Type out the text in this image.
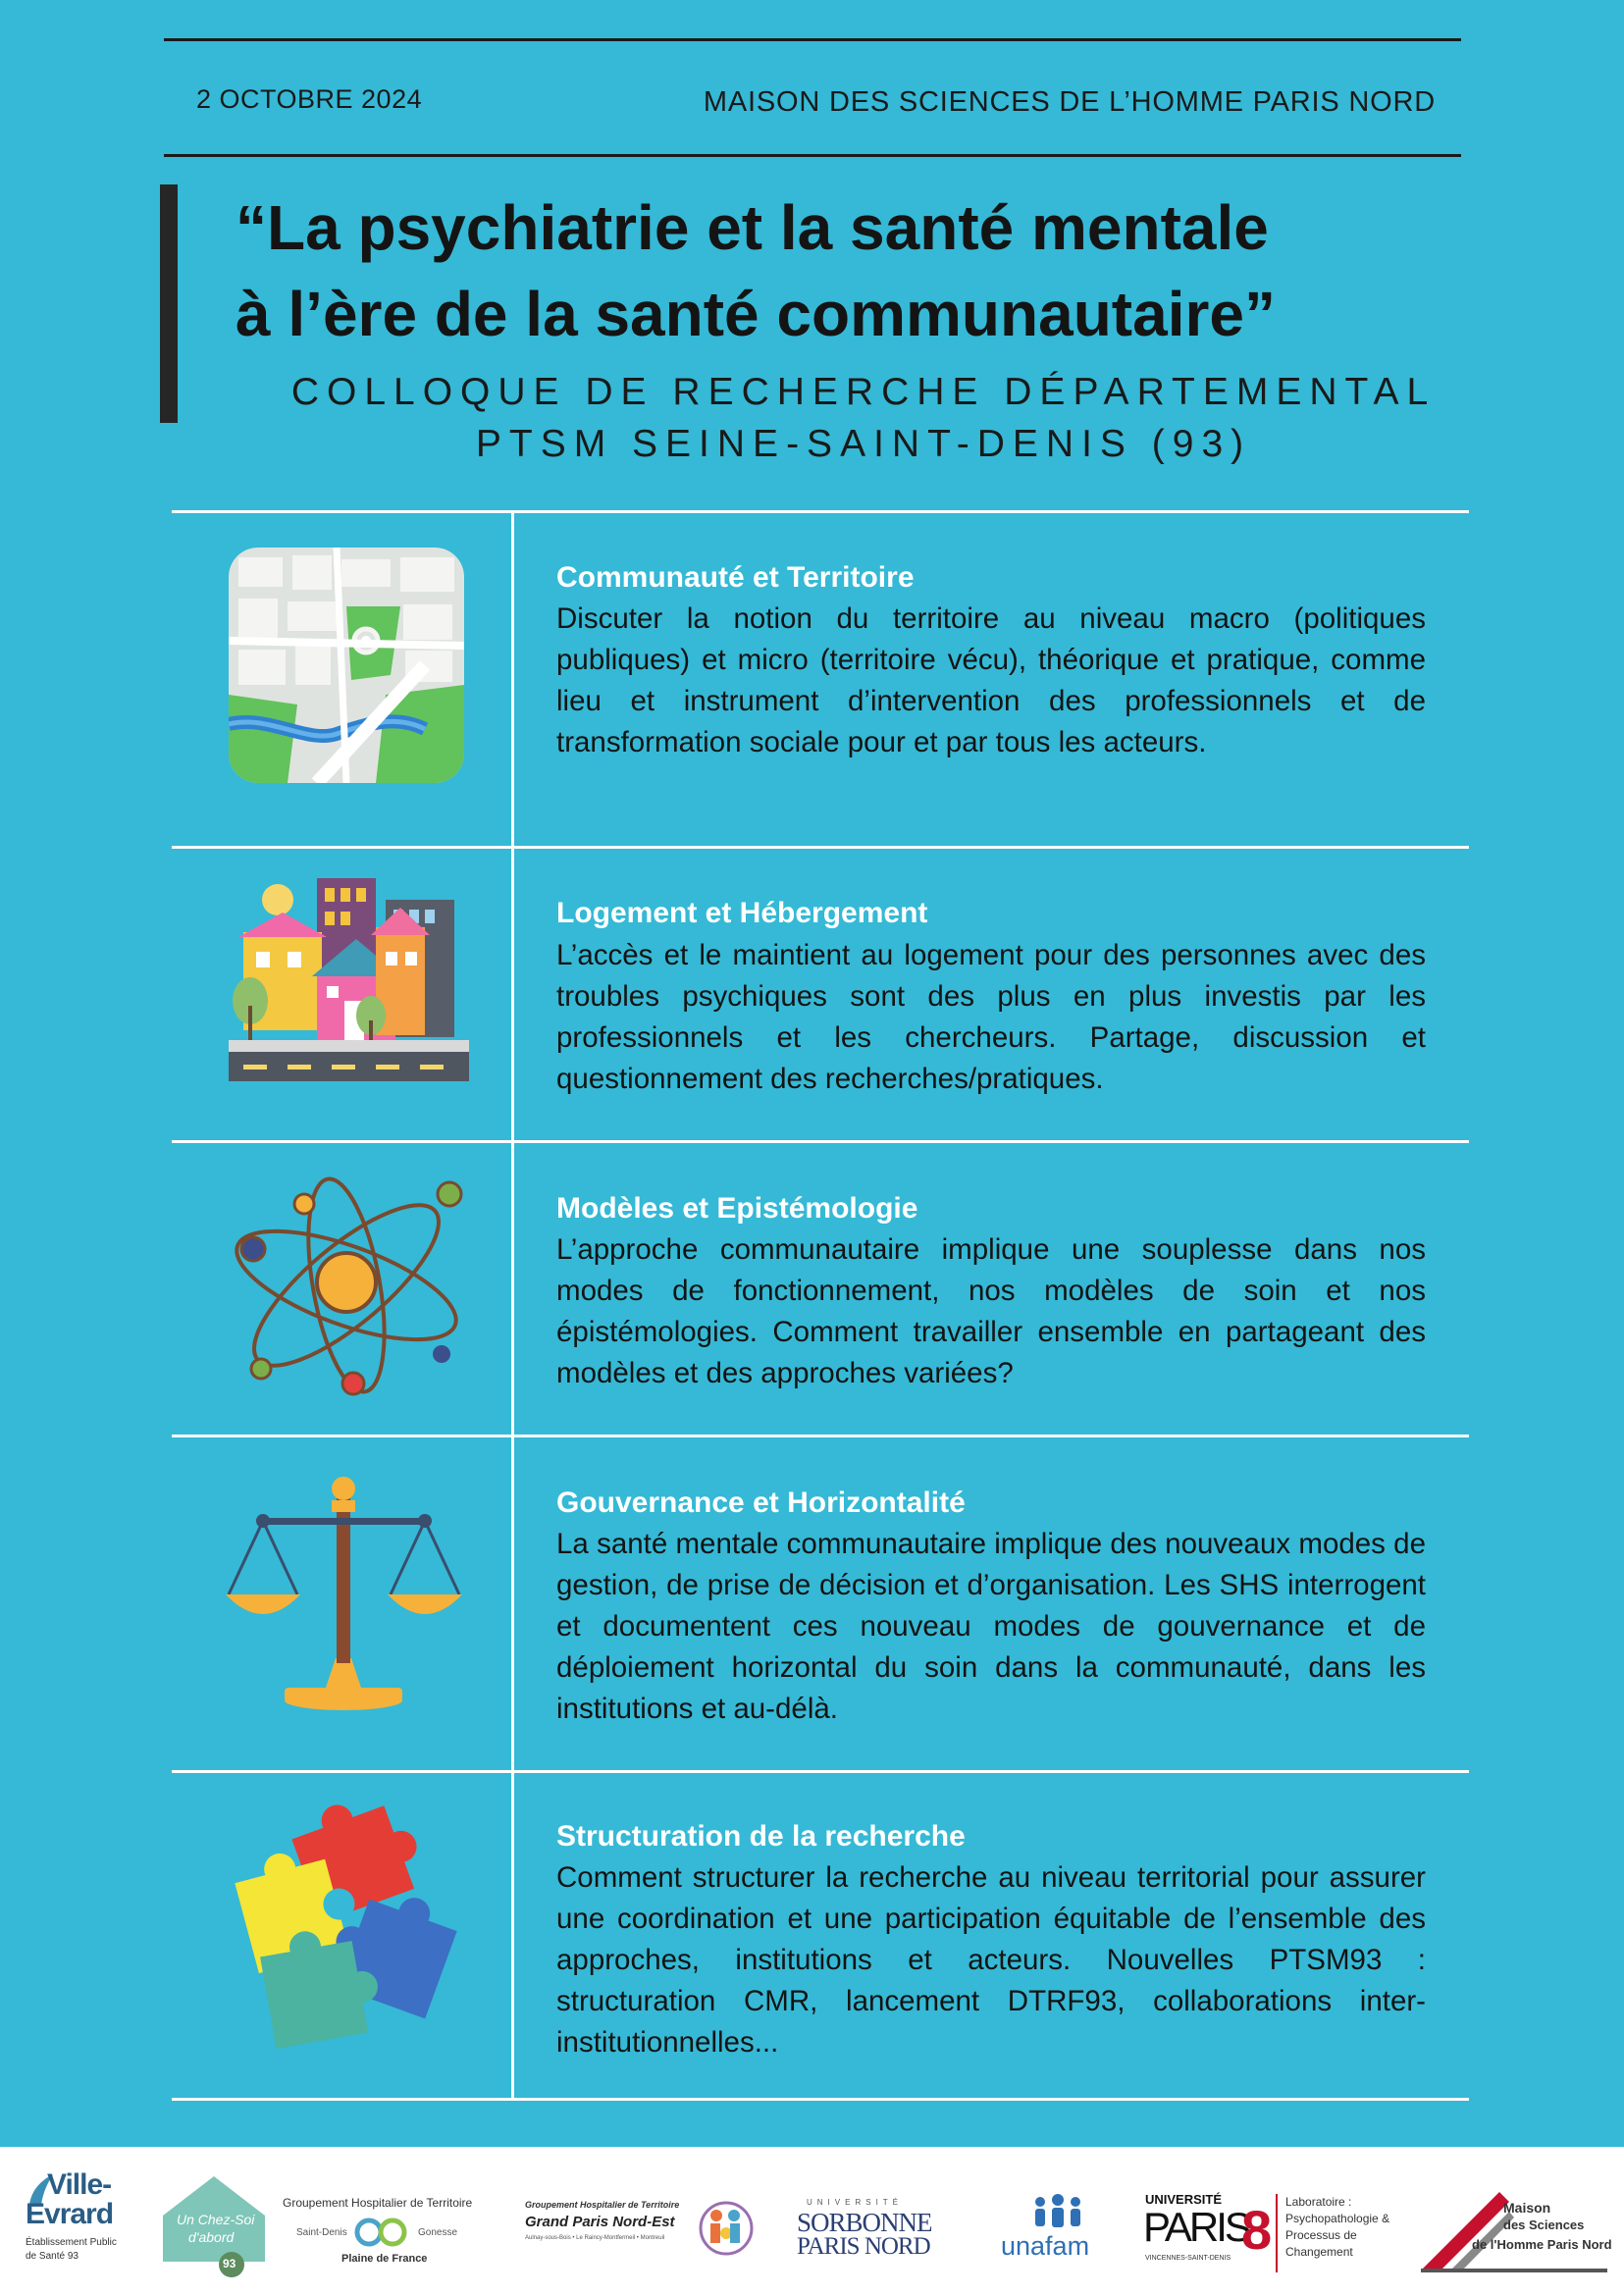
2 OCTOBRE 2024	MAISON DES SCIENCES DE L’HOMME PARIS NORD
“La psychiatrie et la santé mentale
à l’ère de la santé communautaire”
COLLOQUE DE RECHERCHE DÉPARTEMENTAL
PTSM SEINE-SAINT-DENIS (93)
Communauté et Territoire
Discuter la notion du territoire au niveau macro (politiques publiques) et micro (territoire vécu), théorique et pratique, comme lieu et instrument d’intervention des professionnels et de transformation sociale pour et par tous les acteurs.
Logement et Hébergement
L’accès et le maintient au logement pour des personnes avec des troubles psychiques sont des plus en plus investis par les professionnels et les chercheurs. Partage, discussion et questionnement des recherches/pratiques.
Modèles et Epistémologie
L’approche communautaire implique une souplesse dans nos modes de fonctionnement, nos modèles de soin et nos épistémologies. Comment travailler ensemble en partageant des modèles et des approches variées?
Gouvernance et Horizontalité
La santé mentale communautaire implique des nouveaux modes de gestion, de prise de décision et d’organisation. Les SHS interrogent et documentent ces nouveau modes de gouvernance et de déploiement horizontal du soin dans la communauté, dans les institutions et au-délà.
Structuration de la recherche
Comment structurer la recherche au niveau territorial pour assurer une coordination et une participation équitable de l’ensemble des approches, institutions et acteurs. Nouvelles PTSM93 : structuration CMR, lancement DTRF93, collaborations inter-institutionnelles...
Ville-
Evrard
Établissement Public
de Santé 93
Un Chez-Soi
d'abord
93
Groupement Hospitalier de Territoire
Saint-Denis	Gonesse
Plaine de France
Groupement Hospitalier de Territoire
Grand Paris Nord-Est
Aulnay-sous-Bois • Le Raincy-Montfermeil • Montreuil
UNIVERSITÉ
SORBONNE
PARIS NORD	unafam
UNIVERSITÉ
PARIS
8
VINCENNES-SAINT-DENIS
Laboratoire :
Psychopathologie &
Processus de
Changement
Maison
des Sciences
de l'Homme Paris Nord
